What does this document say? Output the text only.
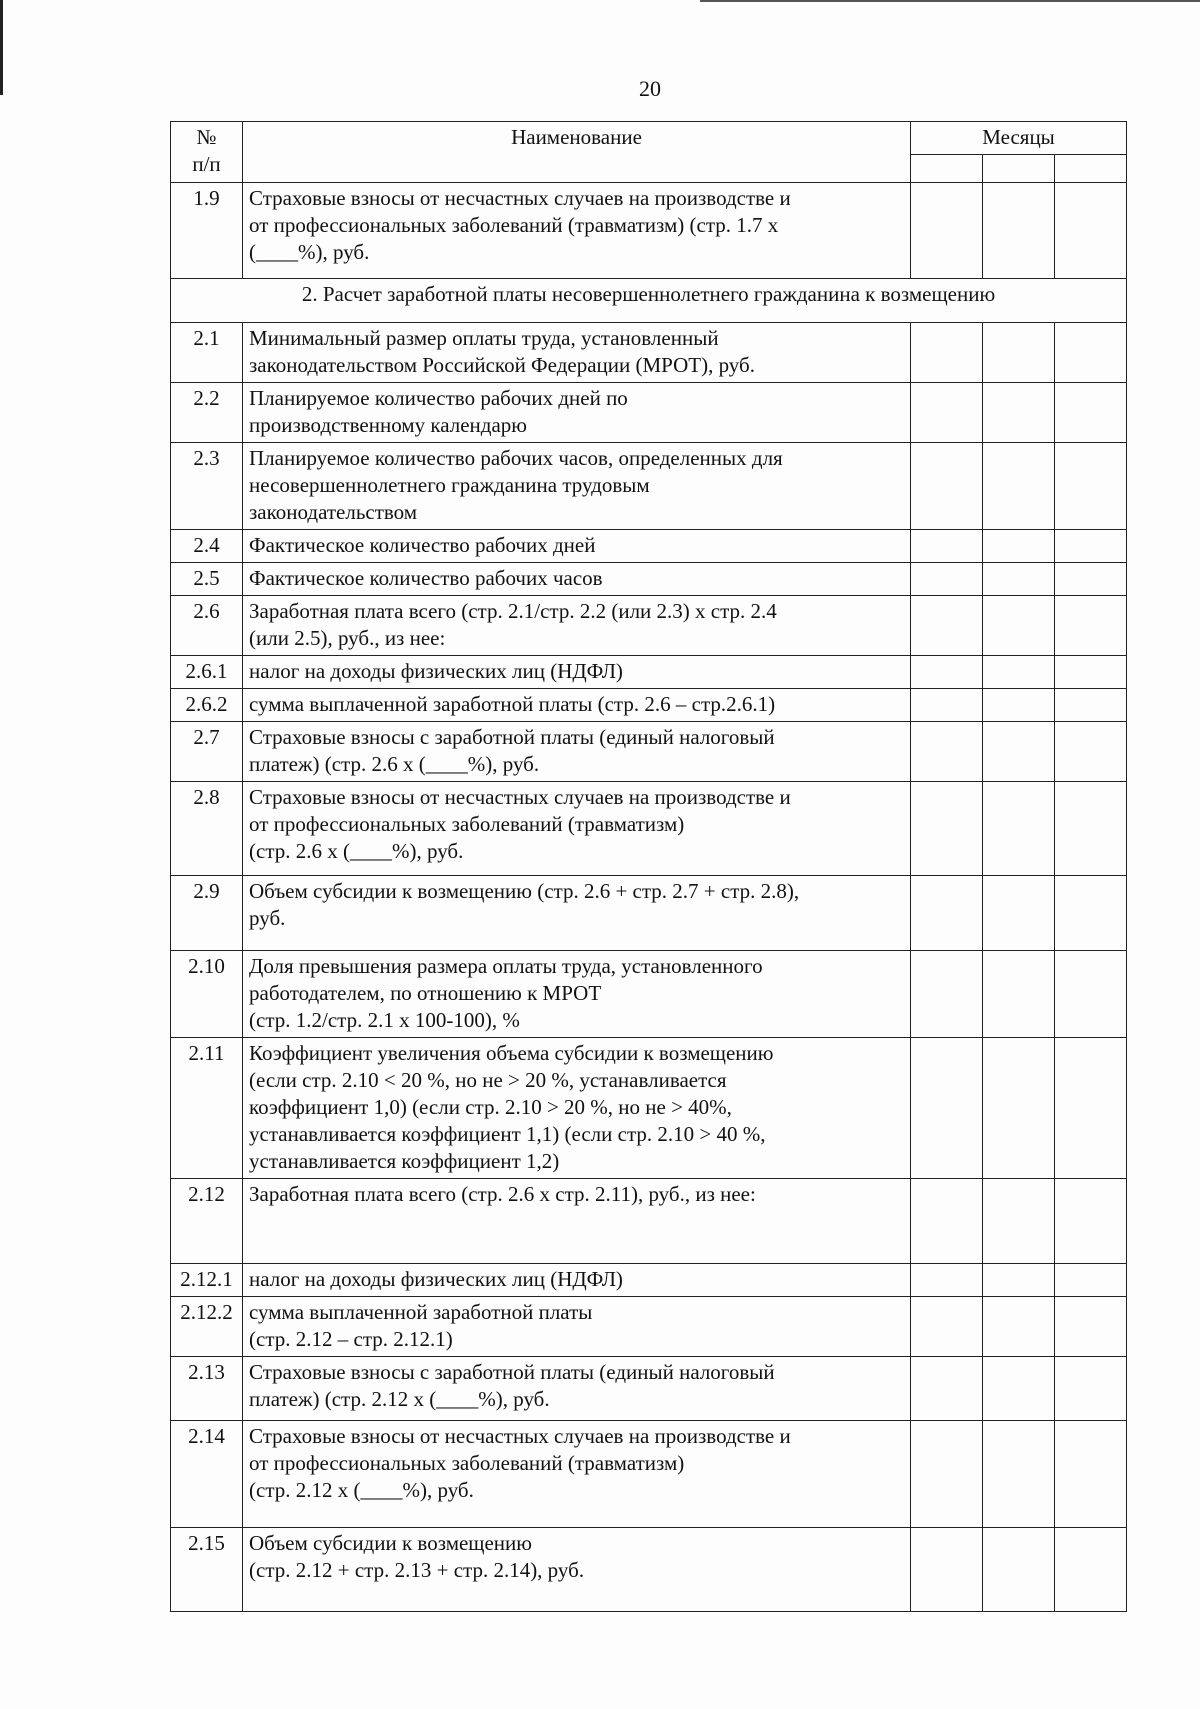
20
№
п/п	Наименование	Месяцы		

1.9	Страховые взносы от несчастных случаев на производстве и
от профессиональных заболеваний (травматизм) (стр. 1.7 х
(____%), руб.			

2. Расчет заработной платы несовершеннолетнего гражданина к возмещению				
2.1	Минимальный размер оплаты труда, установленный
законодательством Российской Федерации (МРОТ), руб.			

2.2	Планируемое количество рабочих дней по
производственному календарю			

2.3	Планируемое количество рабочих часов, определенных для
несовершеннолетнего гражданина трудовым
законодательством			

2.4	Фактическое количество рабочих дней			

2.5	Фактическое количество рабочих часов			

2.6	Заработная плата всего (стр. 2.1/стр. 2.2 (или 2.3) х стр. 2.4
(или 2.5), руб., из нее:			

2.6.1	налог на доходы физических лиц (НДФЛ)			

2.6.2	сумма выплаченной заработной платы (стр. 2.6 – стр.2.6.1)			

2.7	Страховые взносы с заработной платы (единый налоговый
платеж) (стр. 2.6 х (____%), руб.			

2.8	Страховые взносы от несчастных случаев на производстве и
от профессиональных заболеваний (травматизм)
(стр. 2.6 х (____%), руб.			

2.9	Объем субсидии к возмещению (стр. 2.6 + стр. 2.7 + стр. 2.8),
руб.			

2.10	Доля превышения размера оплаты труда, установленного
работодателем, по отношению к МРОТ
(стр. 1.2/стр. 2.1 х 100-100), %			

2.11	Коэффициент увеличения объема субсидии к возмещению
(если стр. 2.10 < 20 %, но не > 20 %, устанавливается
коэффициент 1,0) (если стр. 2.10 > 20 %, но не > 40%,
устанавливается коэффициент 1,1) (если стр. 2.10 > 40 %,
устанавливается коэффициент 1,2)			

2.12	Заработная плата всего (стр. 2.6 х стр. 2.11), руб., из нее:			

2.12.1	налог на доходы физических лиц (НДФЛ)			

2.12.2	сумма выплаченной заработной платы
(стр. 2.12 – стр. 2.12.1)			

2.13	Страховые взносы с заработной платы (единый налоговый
платеж) (стр. 2.12 х (____%), руб.			

2.14	Страховые взносы от несчастных случаев на производстве и
от профессиональных заболеваний (травматизм)
(стр. 2.12 х (____%), руб.			

2.15	Объем субсидии к возмещению
(стр. 2.12 + стр. 2.13 + стр. 2.14), руб.			
